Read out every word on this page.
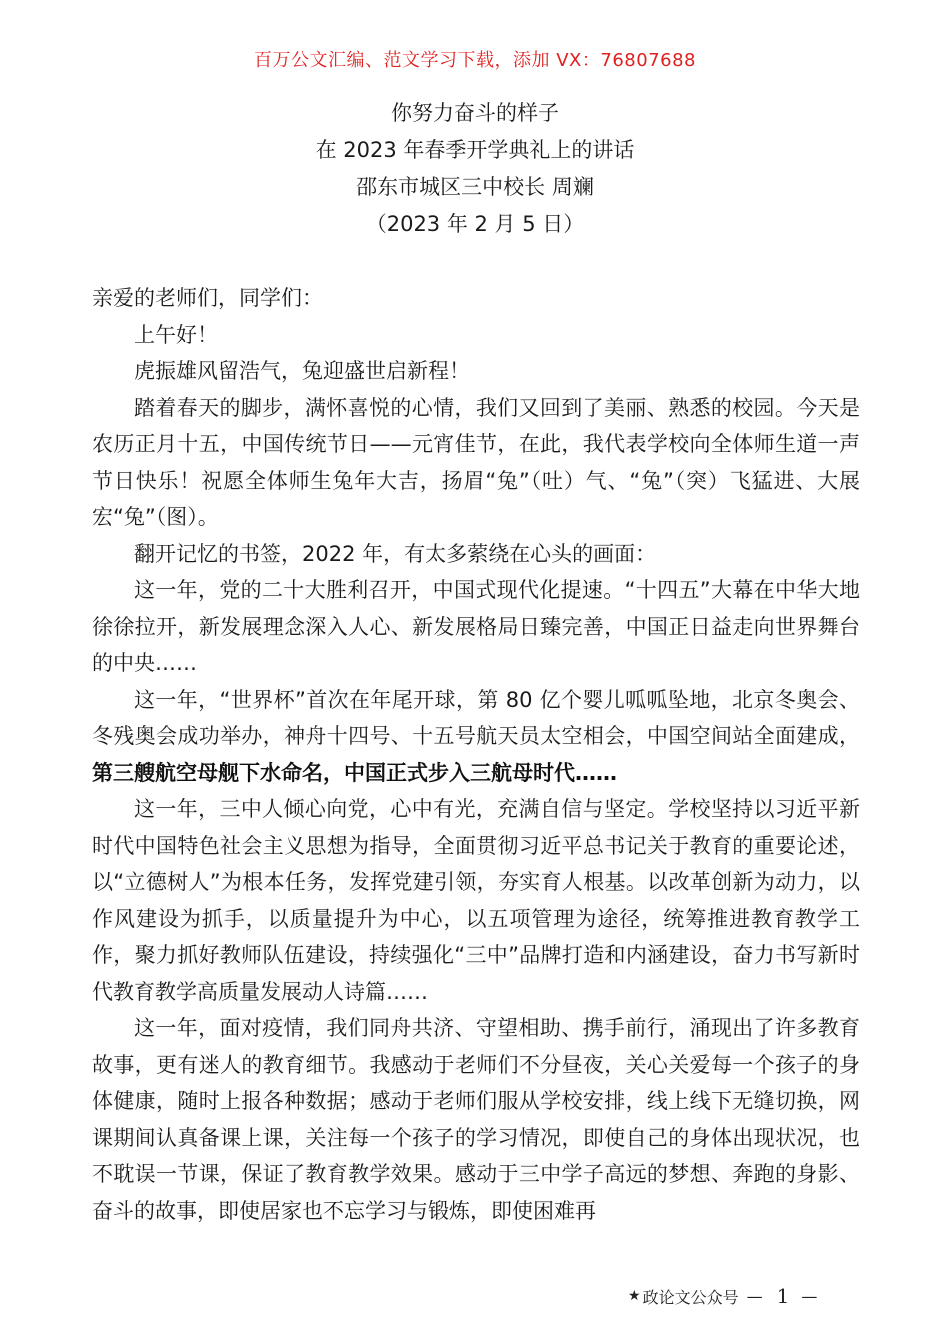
百万公文汇编、范文学习下载，添加 VX：76807688
你努力奋斗的样子
在 2023 年春季开学典礼上的讲话
邵东市城区三中校长 周斓
（2023 年 2 月 5 日）

亲爱的老师们，同学们：

上午好！

虎振雄风留浩气，兔迎盛世启新程！

踏着春天的脚步，满怀喜悦的心情，我们又回到了美丽、熟悉的校园。今天是农历正月十五，中国传统节日——元宵佳节，在此，我代表学校向全体师生道一声节日快乐！祝愿全体师生兔年大吉，扬眉“兔”（吐）气、“兔”（突）飞猛进、大展宏“兔”（图）。

翻开记忆的书签，2022 年，有太多萦绕在心头的画面：

这一年，党的二十大胜利召开，中国式现代化提速。“十四五”大幕在中华大地徐徐拉开，新发展理念深入人心、新发展格局日臻完善，中国正日益走向世界舞台的中央……

这一年，“世界杯”首次在年尾开球，第 80 亿个婴儿呱呱坠地，北京冬奥会、冬残奥会成功举办，神舟十四号、十五号航天员太空相会，中国空间站全面建成，第三艘航空母舰下水命名，中国正式步入三航母时代……

这一年，三中人倾心向党，心中有光，充满自信与坚定。学校坚持以习近平新时代中国特色社会主义思想为指导，全面贯彻习近平总书记关于教育的重要论述，以“立德树人”为根本任务，发挥党建引领，夯实育人根基。以改革创新为动力，以作风建设为抓手，以质量提升为中心，以五项管理为途径，统筹推进教育教学工作，聚力抓好教师队伍建设，持续强化“三中”品牌打造和内涵建设，奋力书写新时代教育教学高质量发展动人诗篇……

这一年，面对疫情，我们同舟共济、守望相助、携手前行，涌现出了许多教育故事，更有迷人的教育细节。我感动于老师们不分昼夜，关心关爱每一个孩子的身体健康，随时上报各种数据；感动于老师们服从学校安排，线上线下无缝切换，网课期间认真备课上课，关注每一个孩子的学习情况，即使自己的身体出现状况，也不耽误一节课，保证了教育教学效果。感动于三中学子高远的梦想、奔跑的身影、奋斗的故事，即使居家也不忘学习与锻炼，即使困难再

★ 政论文公众号 — 1 —
